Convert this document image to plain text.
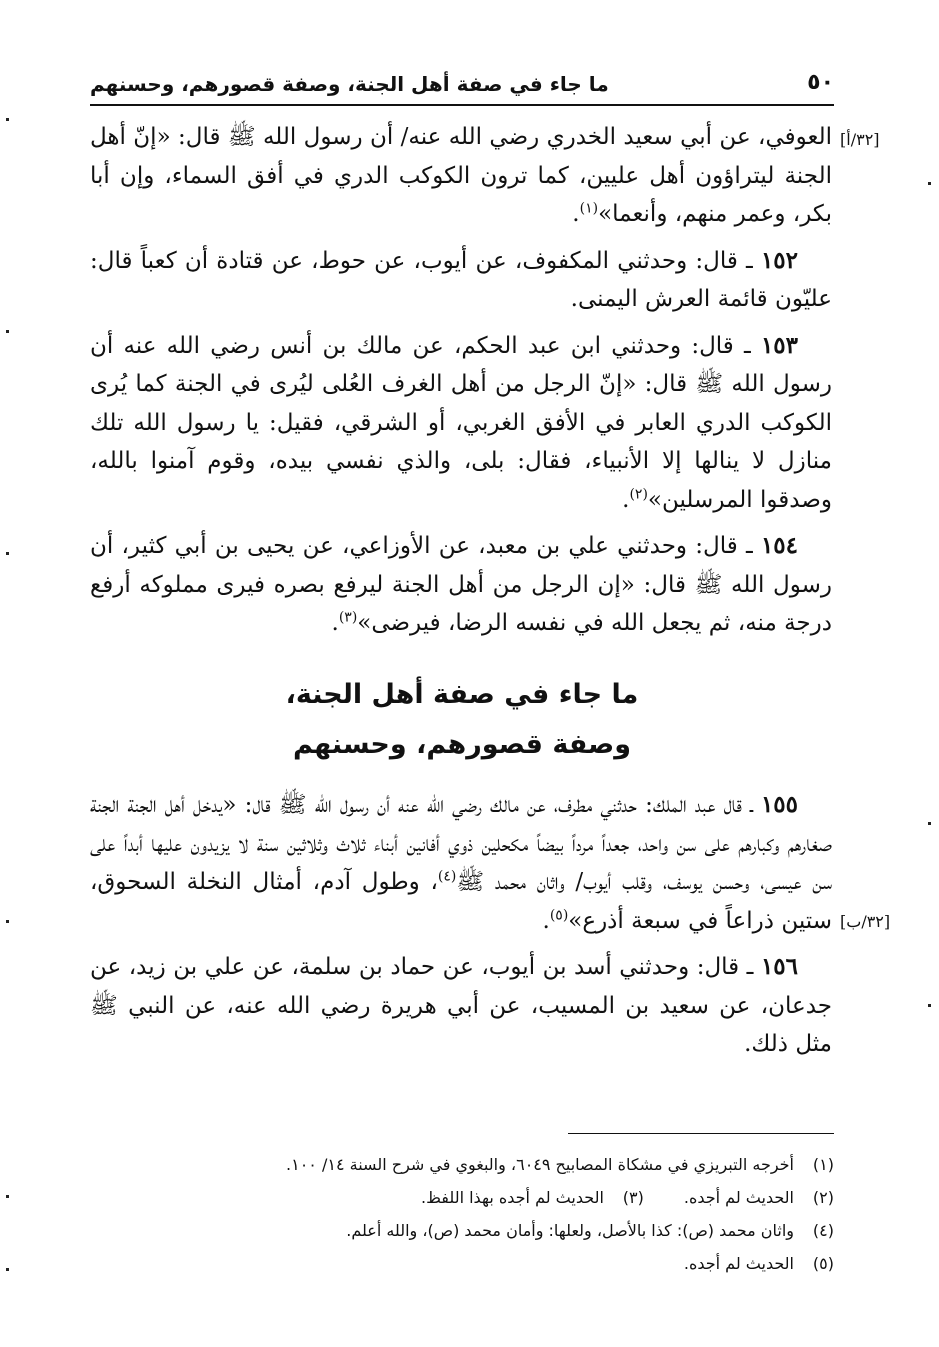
٥٠
ما جاء في صفة أهل الجنة، وصفة قصورهم، وحسنهم
[٣٢/أ]

العوفي، عن أبي سعيد الخدري رضي الله عنه/ أن رسول الله ﷺ قال: «إنّ أهل الجنة ليتراؤون أهل عليين، كما ترون الكوكب الدري في أفق السماء، وإن أبا بكر، وعمر منهم، وأنعما»$^{(١)}$.

١٥٢ ـ قال: وحدثني المكفوف، عن أيوب، عن حوط، عن قتادة أن كعباً قال: عليّون قائمة العرش اليمنى.

١٥٣ ـ قال: وحدثني ابن عبد الحكم، عن مالك بن أنس رضي الله عنه أن رسول الله ﷺ قال: «إنّ الرجل من أهل الغرف العُلى ليُرى في الجنة كما يُرى الكوكب الدري العابر في الأفق الغربي، أو الشرقي، فقيل: يا رسول الله تلك منازل لا ينالها إلا الأنبياء، فقال: بلى، والذي نفسي بيده، وقوم آمنوا بالله، وصدقوا المرسلين»$^{(٢)}$.

١٥٤ ـ قال: وحدثني علي بن معبد، عن الأوزاعي، عن يحيى بن أبي كثير، أن رسول الله ﷺ قال: «إن الرجل من أهل الجنة ليرفع بصره فيرى مملوكه أرفع درجة منه، ثم يجعل الله في نفسه الرضا، فيرضى»$^{(٣)}$.

ما جاء في صفة أهل الجنة،
وصفة قصورهم، وحسنهم
[٣٢/ب]

١٥٥ ـ قال عبد الملك: حدثني مطرف، عن مالك رضي الله عنه أن رسول الله ﷺ قال: «يدخل أهل الجنة الجنة صغارهم وكبارهم على سن واحد، جعداً مرداً بيضاً مكحلين ذوي أفانين أبناء ثلاث وثلاثين سنة لا يزيدون عليها أبداً على سن عيسى، وحسن يوسف، وقلب أيوب/ واثان محمد ﷺ$^{(٤)}$، وطول آدم، أمثال النخلة السحوق، ستين ذراعاً في سبعة أذرع»$^{(٥)}$.

١٥٦ ـ قال: وحدثني أسد بن أيوب، عن حماد بن سلمة، عن علي بن زيد، عن جدعان، عن سعيد بن المسيب، عن أبي هريرة رضي الله عنه، عن النبي ﷺ مثل ذلك.

(١)أخرجه التبريزي في مشكاة المصابيح ٦٠٤٩، والبغوي في شرح السنة ١٤/ ١٠٠.
(٢)الحديث لم أجده.(٣)الحديث لم أجده بهذا اللفظ.
(٤)واثان محمد (ص): كذا بالأصل، ولعلها: وأمان محمد (ص)، والله أعلم.
(٥)الحديث لم أجده.
